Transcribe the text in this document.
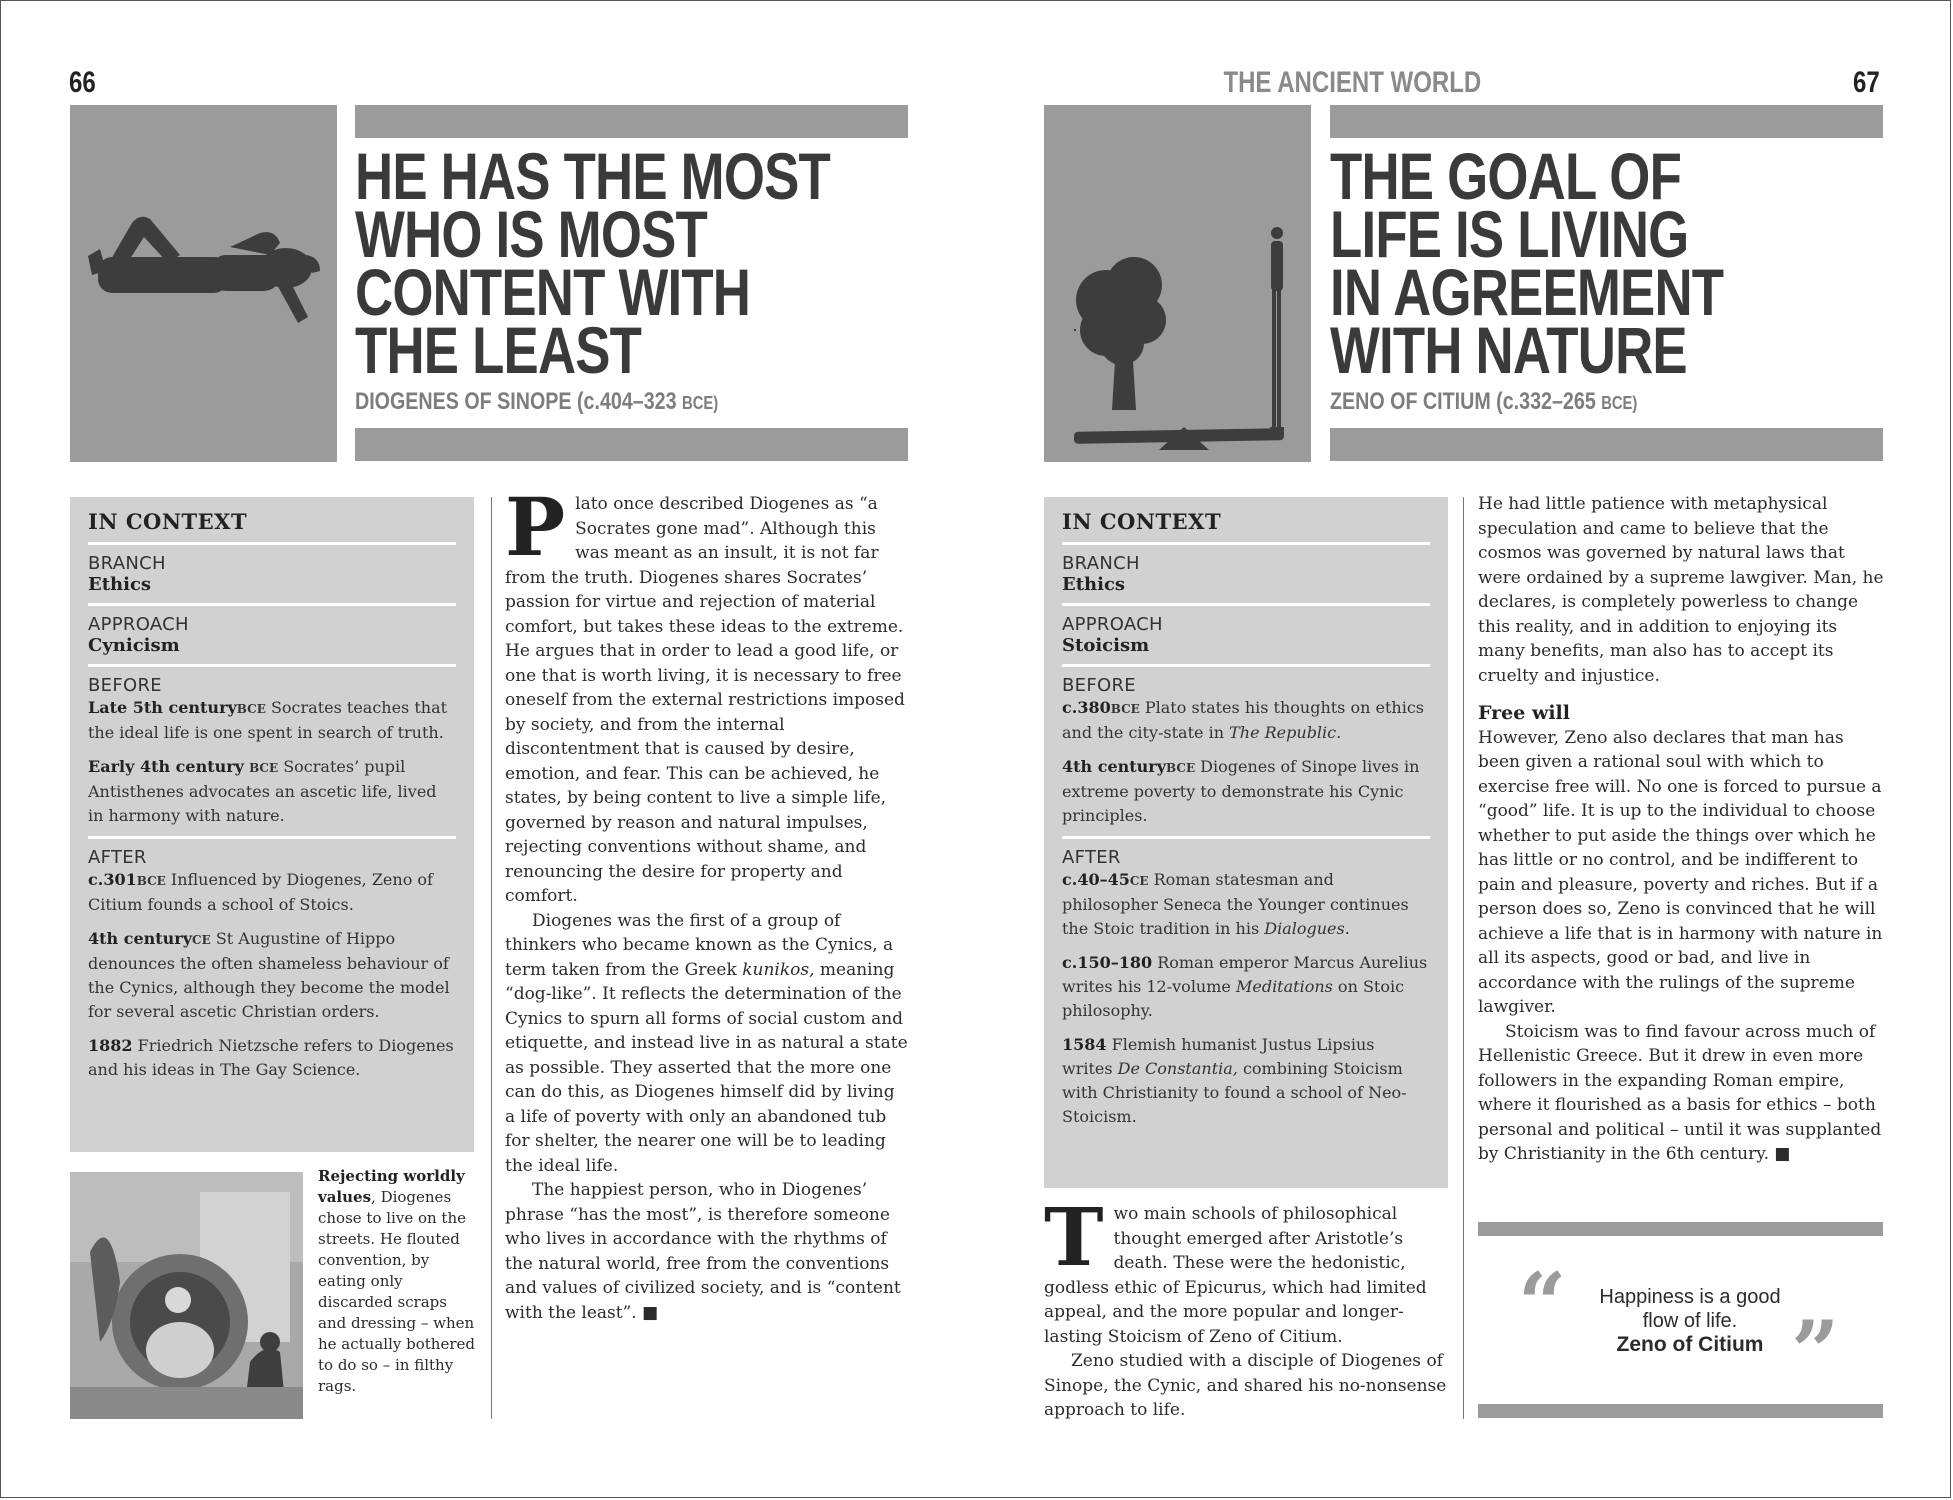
66
HE HAS THE MOST
WHO IS MOST
CONTENT WITH
THE LEAST
DIOGENES OF SINOPE (c.404–323 BCE)
IN CONTEXT
BRANCH
Ethics
APPROACH
Cynicism
BEFORE
Late 5th centuryBCE Socrates teaches that the ideal life is one spent in search of truth.
Early 4th century BCE Socrates’ pupil Antisthenes advocates an ascetic life, lived in harmony with nature.
AFTER
c.301BCE Influenced by Diogenes, Zeno of Citium founds a school of Stoics.
4th centuryCE St Augustine of Hippo denounces the often shameless behaviour of the Cynics, although they become the model for several ascetic Christian orders.
1882 Friedrich Nietzsche refers to Diogenes and his ideas in The Gay Science.
Rejecting worldly values, Diogenes chose to live on the streets. He flouted convention, by eating only discarded scraps and dressing – when he actually bothered to do so – in filthy rags.

Plato once described Diogenes as “a Socrates gone mad”. Although this was meant as an insult, it is not far from the truth. Diogenes shares Socrates’ passion for virtue and rejection of material comfort, but takes these ideas to the extreme. He argues that in order to lead a good life, or one that is worth living, it is necessary to free oneself from the external restrictions imposed by society, and from the internal discontentment that is caused by desire, emotion, and fear. This can be achieved, he states, by being content to live a simple life, governed by reason and natural impulses, rejecting conventions without shame, and renouncing the desire for property and comfort.

Diogenes was the first of a group of thinkers who became known as the Cynics, a term taken from the Greek kunikos, meaning “dog-like”. It reflects the determination of the Cynics to spurn all forms of social custom and etiquette, and instead live in as natural a state as possible. They asserted that the more one can do this, as Diogenes himself did by living a life of poverty with only an abandoned tub for shelter, the nearer one will be to leading the ideal life.

The happiest person, who in Diogenes’ phrase “has the most”, is therefore someone who lives in accordance with the rhythms of the natural world, free from the conventions and values of civilized society, and is “content with the least”. ■

THE ANCIENT WORLD	67
THE GOAL OF
LIFE IS LIVING
IN AGREEMENT
WITH NATURE
ZENO OF CITIUM (c.332–265 BCE)
IN CONTEXT
BRANCH
Ethics
APPROACH
Stoicism
BEFORE
c.380BCE Plato states his thoughts on ethics and the city-state in The Republic.
4th centuryBCE Diogenes of Sinope lives in extreme poverty to demonstrate his Cynic principles.
AFTER
c.40–45CE Roman statesman and philosopher Seneca the Younger continues the Stoic tradition in his Dialogues.
c.150–180 Roman emperor Marcus Aurelius writes his 12-volume Meditations on Stoic philosophy.
1584 Flemish humanist Justus Lipsius writes De Constantia, combining Stoicism with Christianity to found a school of Neo-Stoicism.

Two main schools of philosophical thought emerged after Aristotle’s death. These were the hedonistic, godless ethic of Epicurus, which had limited appeal, and the more popular and longer-lasting Stoicism of Zeno of Citium.

Zeno studied with a disciple of Diogenes of Sinope, the Cynic, and shared his no-nonsense approach to life.

He had little patience with metaphysical speculation and came to believe that the cosmos was governed by natural laws that were ordained by a supreme lawgiver. Man, he declares, is completely powerless to change this reality, and in addition to enjoying its many benefits, man also has to accept its cruelty and injustice.

Free will

However, Zeno also declares that man has been given a rational soul with which to exercise free will. No one is forced to pursue a “good” life. It is up to the individual to choose whether to put aside the things over which he has little or no control, and be indifferent to pain and pleasure, poverty and riches. But if a person does so, Zeno is convinced that he will achieve a life that is in harmony with nature in all its aspects, good or bad, and live in accordance with the rulings of the supreme lawgiver.

Stoicism was to find favour across much of Hellenistic Greece. But it drew in even more followers in the expanding Roman empire, where it flourished as a basis for ethics – both personal and political – until it was supplanted by Christianity in the 6th century. ■

“	Happiness is a good
flow of life.
Zeno of Citium ”
